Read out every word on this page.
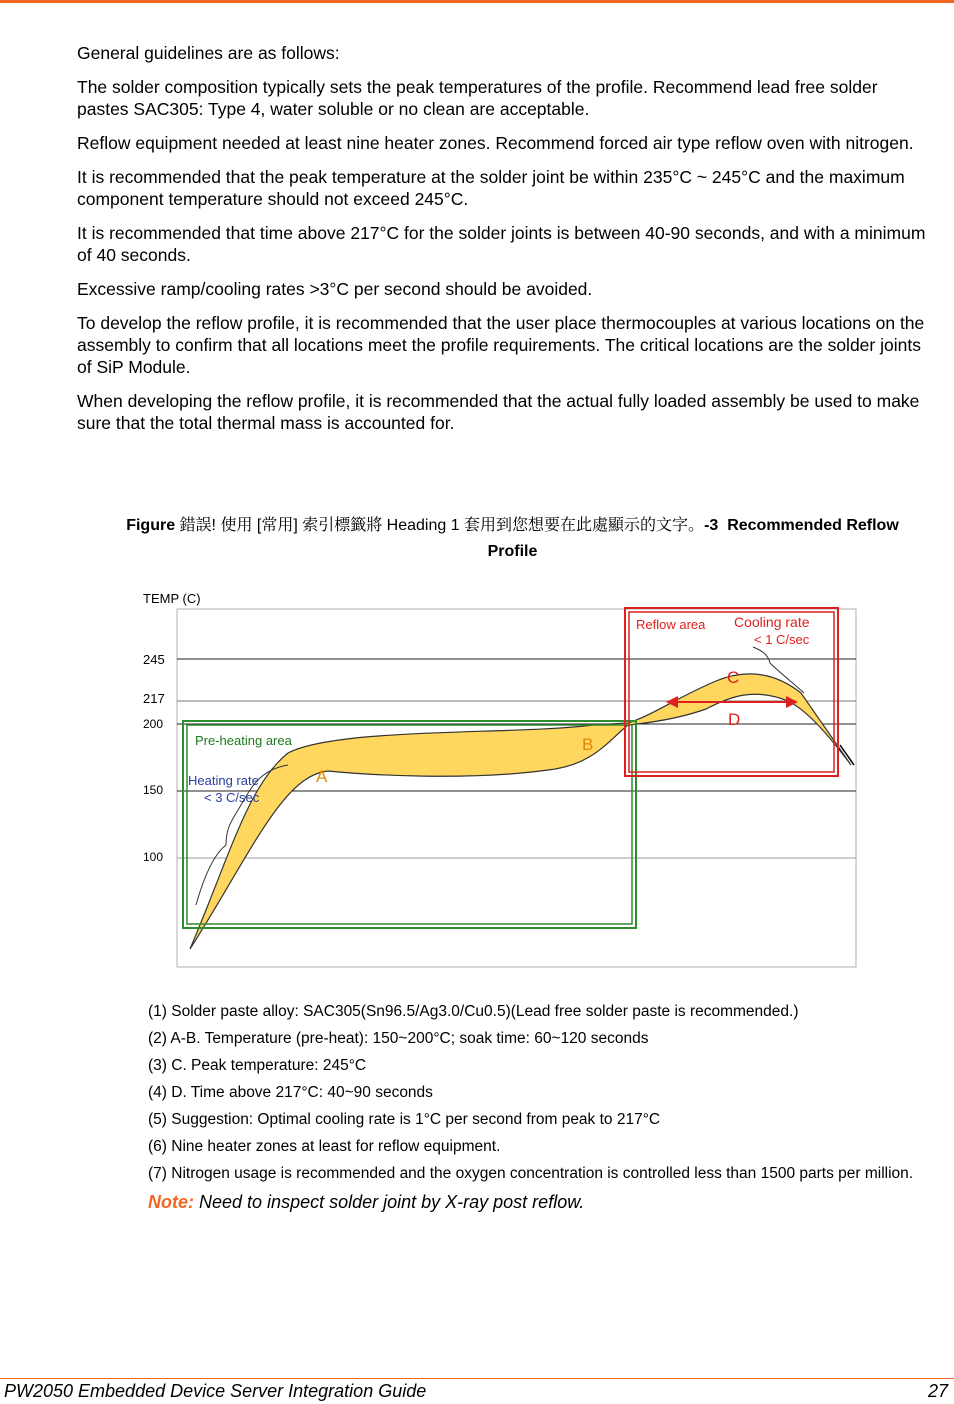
General guidelines are as follows:

The solder composition typically sets the peak temperatures of the profile. Recommend lead free solder pastes SAC305: Type 4, water soluble or no clean are acceptable.

Reflow equipment needed at least nine heater zones. Recommend forced air type reflow oven with nitrogen.

It is recommended that the peak temperature at the solder joint be within 235°C ~ 245°C and the maximum component temperature should not exceed 245°C.

It is recommended that time above 217°C for the solder joints is between 40-90 seconds, and with a minimum of 40 seconds.

Excessive ramp/cooling rates >3°C per second should be avoided.

To develop the reflow profile, it is recommended that the user place thermocouples at various locations on the assembly to confirm that all locations meet the profile requirements. The critical locations are the solder joints of SiP Module.

When developing the reflow profile, it is recommended that the actual fully loaded assembly be used to make sure that the total thermal mass is accounted for.

Figure 錯誤! 使用 [常用] 索引標籤將 Heading 1 套用到您想要在此處顯示的文字。-3 Recommended Reflow Profile
TEMP (C)
245
217
200
150
100
Pre-heating area
Reflow area
Heating rate
< 3 C/sec
Cooling rate
< 1 C/sec
A
B
C
D

(1) Solder paste alloy: SAC305(Sn96.5/Ag3.0/Cu0.5)(Lead free solder paste is recommended.)

(2) A-B. Temperature (pre-heat): 150~200°C; soak time: 60~120 seconds

(3) C. Peak temperature: 245°C

(4) D. Time above 217°C: 40~90 seconds

(5) Suggestion: Optimal cooling rate is 1°C per second from peak to 217°C

(6) Nine heater zones at least for reflow equipment.

(7) Nitrogen usage is recommended and the oxygen concentration is controlled less than 1500 parts per million.

Note: Need to inspect solder joint by X-ray post reflow.
PW2050 Embedded Device Server Integration Guide	27
